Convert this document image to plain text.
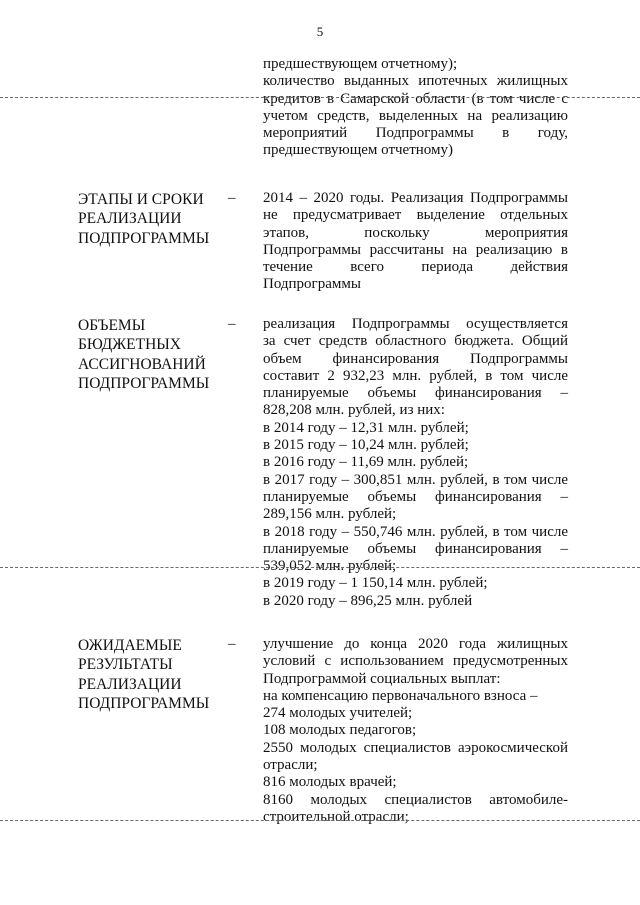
5

предшествующем отчетному);

количество выданных ипотечных жилищных

кредитов в Самарской области (в том числе с

учетом средств, выделенных на реализацию

мероприятий Подпрограммы в году,

предшествующем отчетному)

ЭТАПЫ И СРОКИ
РЕАЛИЗАЦИИ
ПОДПРОГРАММЫ
– 2014 – 2020 годы. Реализация Подпрограммы

не предусматривает выделение отдельных

этапов, поскольку мероприятия

Подпрограммы рассчитаны на реализацию в

течение всего периода действия

Подпрограммы

ОБЪЕМЫ
БЮДЖЕТНЫХ
АССИГНОВАНИЙ
ПОДПРОГРАММЫ
– реализация Подпрограммы осуществляется

за счет средств областного бюджета. Общий

объем финансирования Подпрограммы

составит 2 932,23 млн. рублей, в том числе

планируемые объемы финансирования –

828,208 млн. рублей, из них:

в 2014 году – 12,31 млн. рублей;

в 2015 году – 10,24 млн. рублей;

в 2016 году – 11,69 млн. рублей;

в 2017 году – 300,851 млн. рублей, в том числе

планируемые объемы финансирования –

289,156 млн. рублей;

в 2018 году – 550,746 млн. рублей, в том числе

планируемые объемы финансирования –

539,052 млн. рублей;

в 2019 году – 1 150,14 млн. рублей;

в 2020 году – 896,25 млн. рублей

ОЖИДАЕМЫЕ
РЕЗУЛЬТАТЫ
РЕАЛИЗАЦИИ
ПОДПРОГРАММЫ
– улучшение до конца 2020 года жилищных

условий с использованием предусмотренных

Подпрограммой социальных выплат:

на компенсацию первоначального взноса –

274 молодых учителей;

108 молодых педагогов;

2550 молодых специалистов аэрокосмической

отрасли;

816 молодых врачей;

8160 молодых специалистов автомобиле-

строительной отрасли;
